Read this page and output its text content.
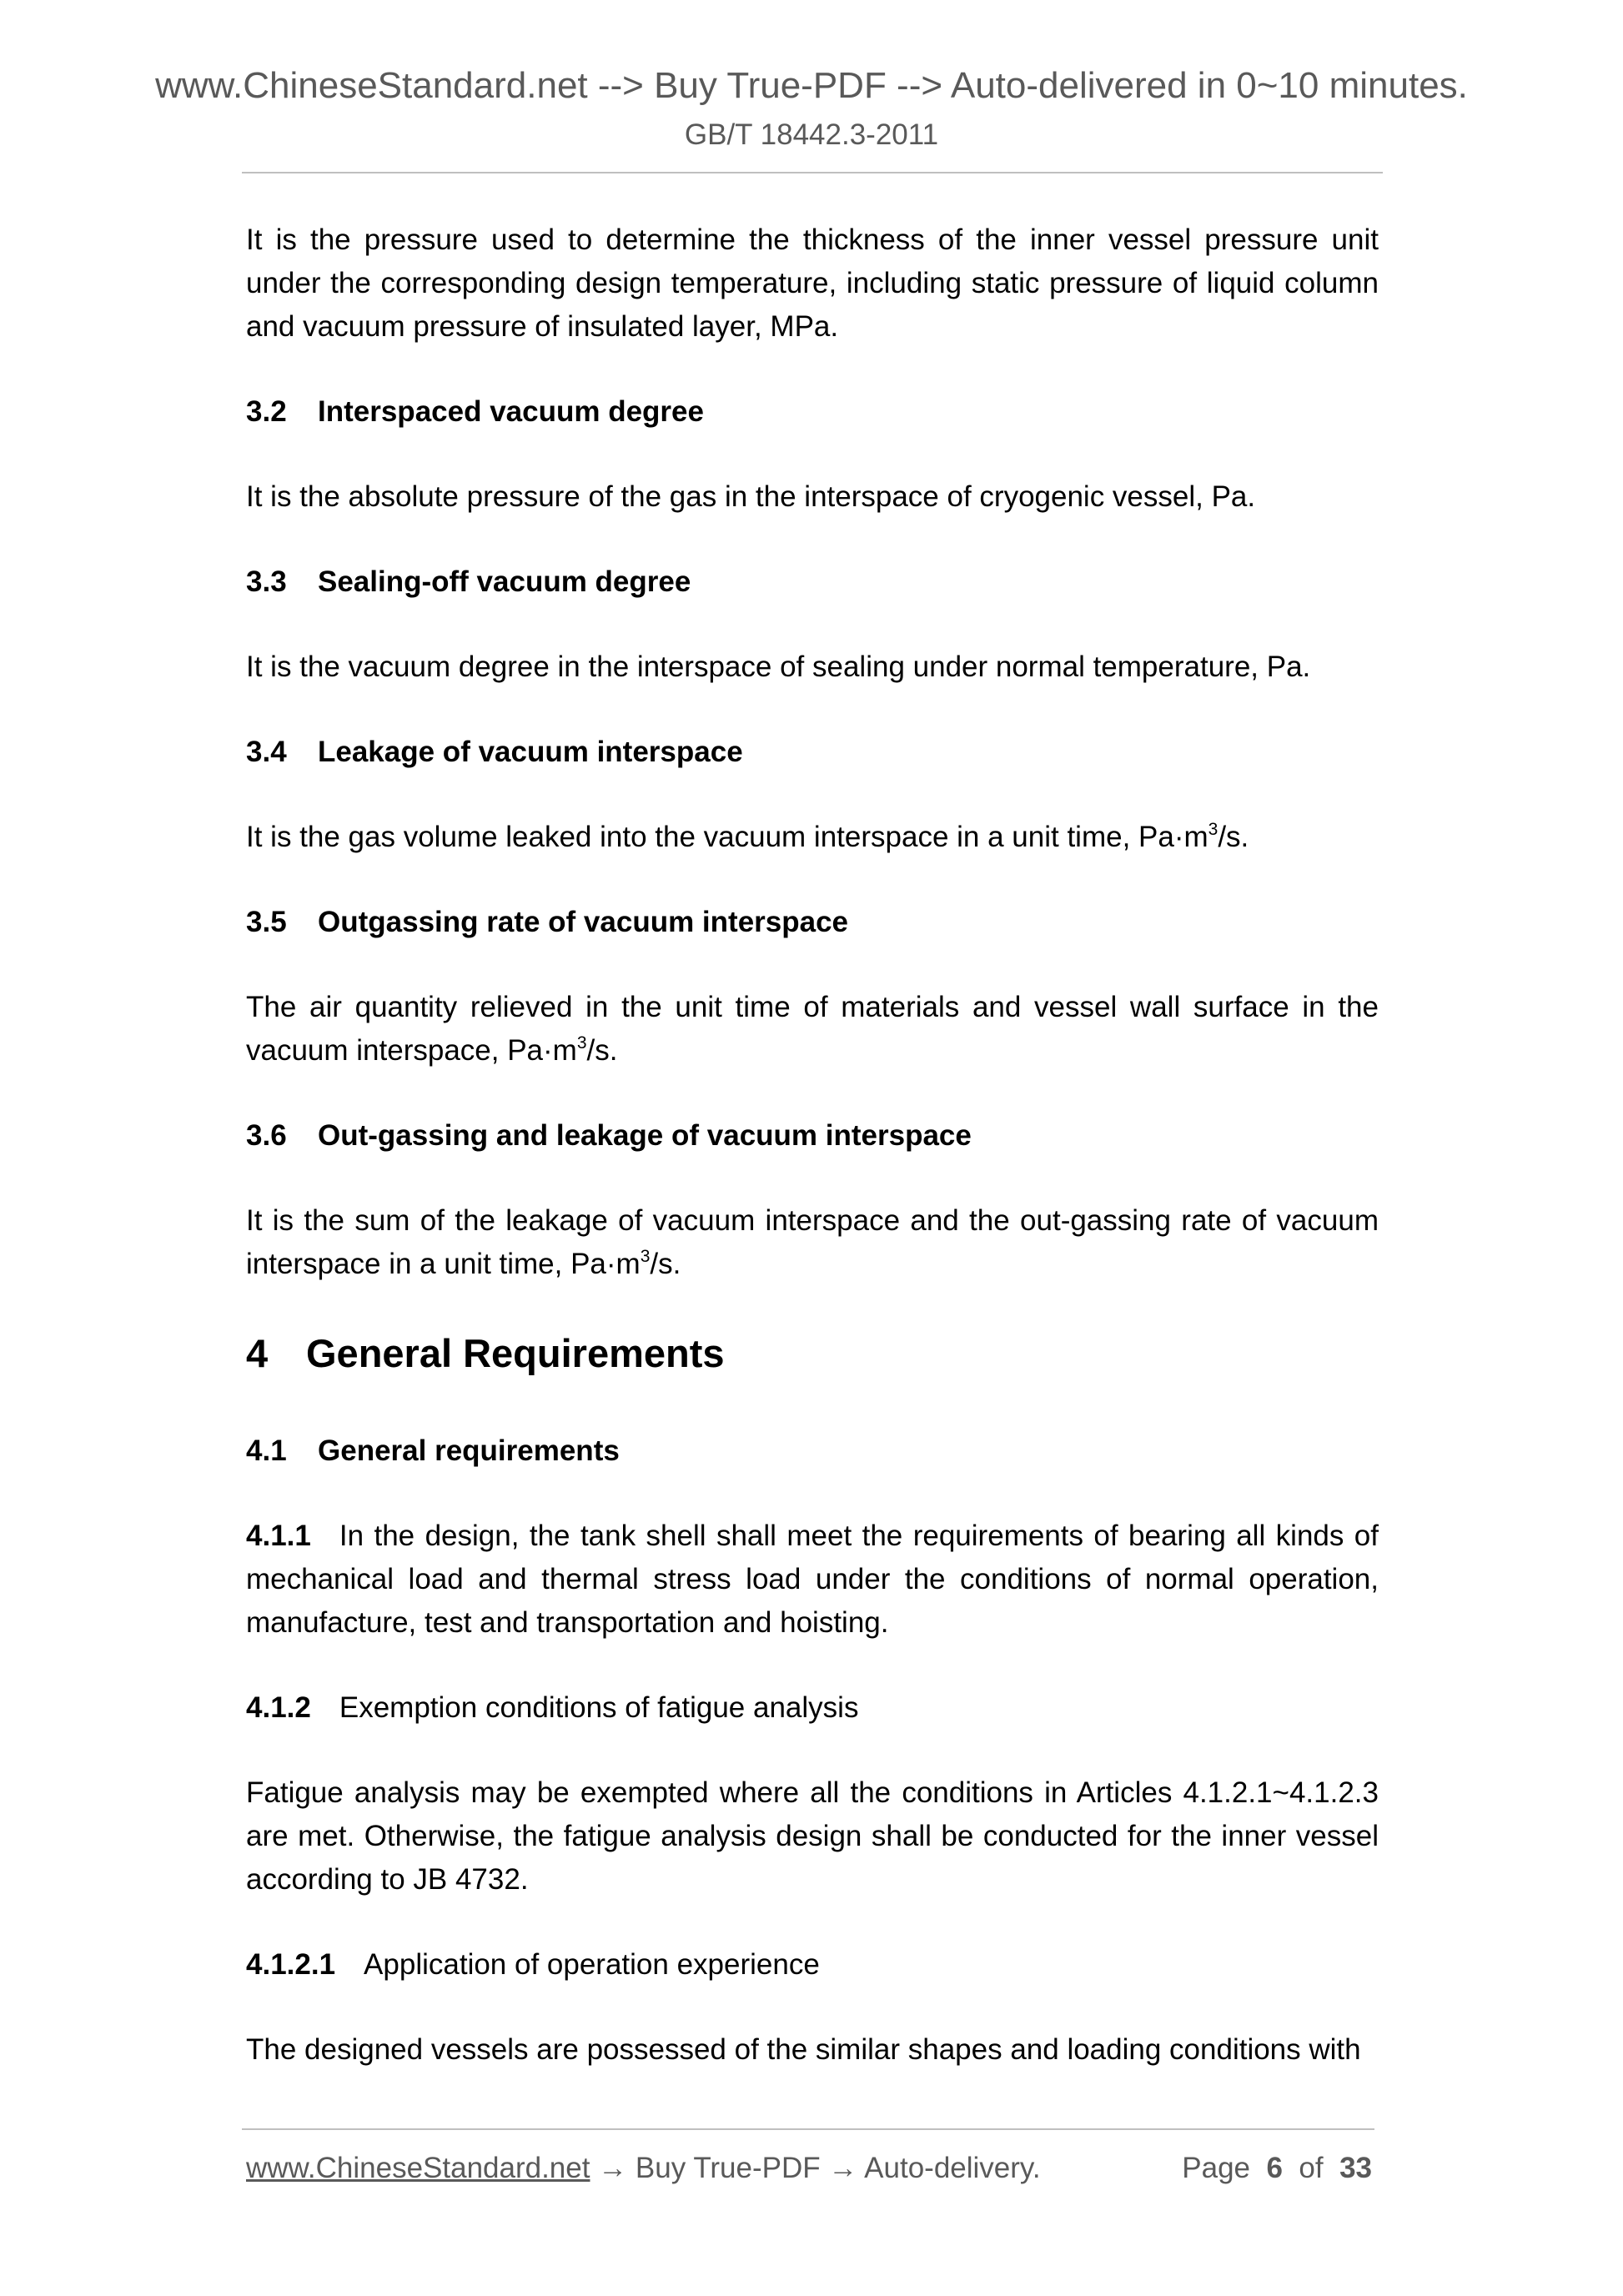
www.ChineseStandard.net --> Buy True-PDF --> Auto-delivered in 0~10 minutes.
GB/T 18442.3-2011

It is the pressure used to determine the thickness of the inner vessel pressure unit under the corresponding design temperature, including static pressure of liquid column and vacuum pressure of insulated layer, MPa.

3.2 Interspaced vacuum degree

It is the absolute pressure of the gas in the interspace of cryogenic vessel, Pa.

3.3 Sealing-off vacuum degree

It is the vacuum degree in the interspace of sealing under normal temperature, Pa.

3.4 Leakage of vacuum interspace

It is the gas volume leaked into the vacuum interspace in a unit time, $Pa\cdot m^3/s$.

3.5 Outgassing rate of vacuum interspace

The air quantity relieved in the unit time of materials and vessel wall surface in the vacuum interspace, $Pa\cdot m^3/s$.

3.6 Out-gassing and leakage of vacuum interspace

It is the sum of the leakage of vacuum interspace and the out-gassing rate of vacuum interspace in a unit time, $Pa\cdot m^3/s$.

4 General Requirements
4.1 General requirements

4.1.1 In the design, the tank shell shall meet the requirements of bearing all kinds of mechanical load and thermal stress load under the conditions of normal operation, manufacture, test and transportation and hoisting.

4.1.2 Exemption conditions of fatigue analysis

Fatigue analysis may be exempted where all the conditions in Articles 4.1.2.1~4.1.2.3 are met. Otherwise, the fatigue analysis design shall be conducted for the inner vessel according to JB 4732.

4.1.2.1 Application of operation experience

The designed vessels are possessed of the similar shapes and loading conditions with

www.ChineseStandard.net → Buy True-PDF → Auto-delivery.	Page 6 of 33
